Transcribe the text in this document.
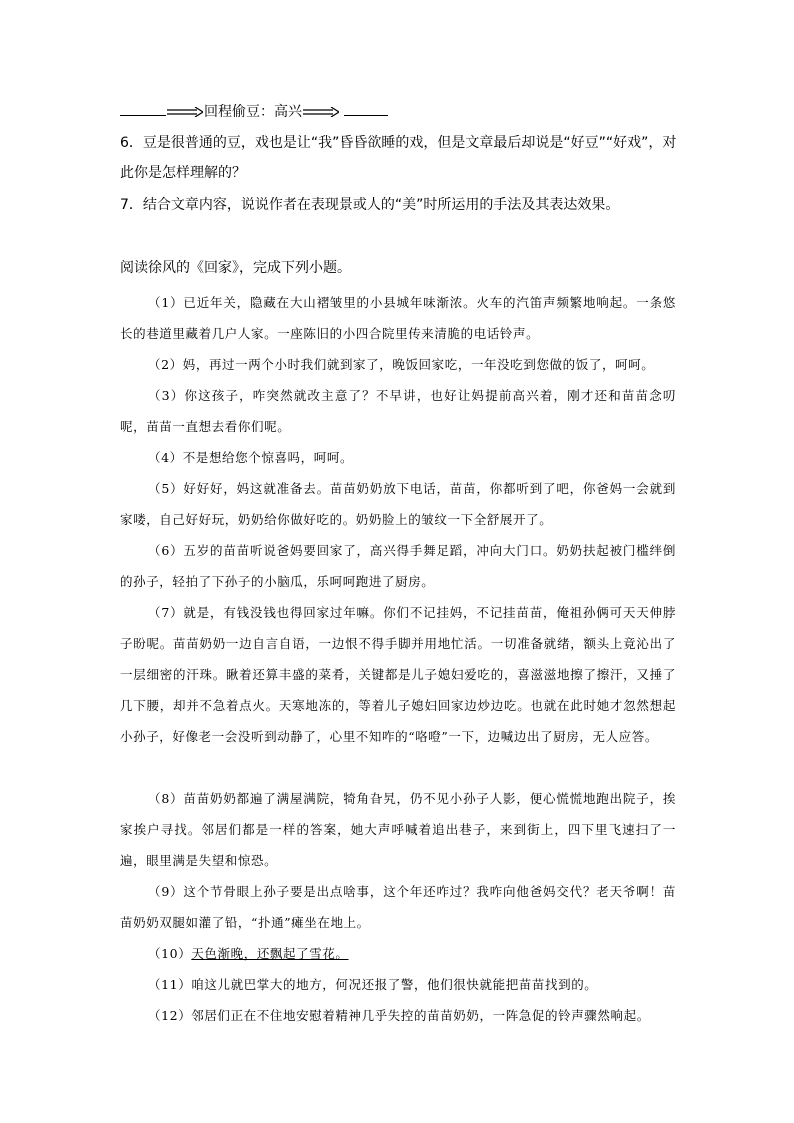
回程偷豆：高兴
6．豆是很普通的豆，戏也是让“我”昏昏欲睡的戏，但是文章最后却说是“好豆”“好戏”，对
此你是怎样理解的？
7．结合文章内容，说说作者在表现景或人的“美”时所运用的手法及其表达效果。
阅读徐风的《回家》，完成下列小题。
（1）已近年关，隐藏在大山褶皱里的小县城年味渐浓。火车的汽笛声频繁地响起。一条悠长的巷道里藏着几户人家。一座陈旧的小四合院里传来清脆的电话铃声。
（2）妈，再过一两个小时我们就到家了，晚饭回家吃，一年没吃到您做的饭了，呵呵。
（3）你这孩子，咋突然就改主意了？不早讲，也好让妈提前高兴着，刚才还和苗苗念叨呢，苗苗一直想去看你们呢。
（4）不是想给您个惊喜吗，呵呵。
（5）好好好，妈这就准备去。苗苗奶奶放下电话，苗苗，你都听到了吧，你爸妈一会就到家喽，自己好好玩，奶奶给你做好吃的。奶奶脸上的皱纹一下全舒展开了。
（6）五岁的苗苗听说爸妈要回家了，高兴得手舞足蹈，冲向大门口。奶奶扶起被门槛绊倒的孙子，轻拍了下孙子的小脑瓜，乐呵呵跑进了厨房。
（7）就是，有钱没钱也得回家过年嘛。你们不记挂妈，不记挂苗苗，俺祖孙俩可天天伸脖子盼呢。苗苗奶奶一边自言自语，一边恨不得手脚并用地忙活。一切准备就绪，额头上竟沁出了一层细密的汗珠。瞅着还算丰盛的菜肴，关键都是儿子媳妇爱吃的，喜滋滋地擦了擦汗，又捶了几下腰，却并不急着点火。天寒地冻的，等着儿子媳妇回家边炒边吃。也就在此时她才忽然想起小孙子，好像老一会没听到动静了，心里不知咋的“咯噔”一下，边喊边出了厨房，无人应答。
（8）苗苗奶奶都遍了满屋满院，犄角旮旯，仍不见小孙子人影，便心慌慌地跑出院子，挨家挨户寻找。邻居们都是一样的答案，她大声呼喊着追出巷子，来到街上，四下里飞速扫了一遍，眼里满是失望和惊恐。
（9）这个节骨眼上孙子要是出点啥事，这个年还咋过？我咋向他爸妈交代？老天爷啊！苗苗奶奶双腿如灌了铅，“扑通”瘫坐在地上。
（10）天色渐晚，还飘起了雪花。
（11）咱这儿就巴掌大的地方，何况还报了警，他们很快就能把苗苗找到的。
（12）邻居们正在不住地安慰着精神几乎失控的苗苗奶奶，一阵急促的铃声骤然响起。
